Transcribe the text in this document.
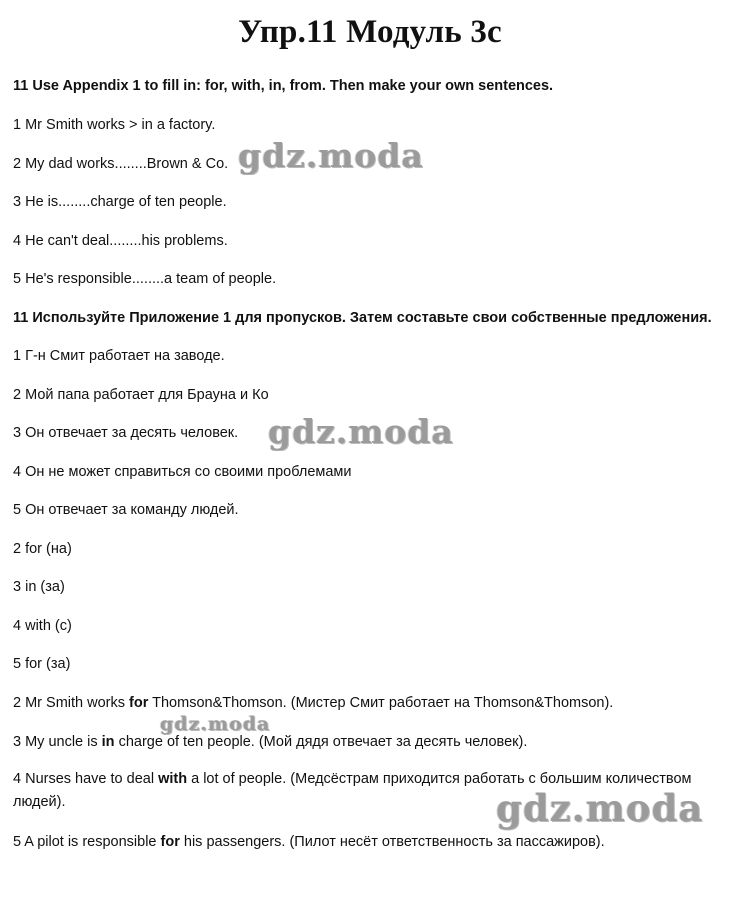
Упр.11 Модуль 3с
11 Use Appendix 1 to fill in: for, with, in, from. Then make your own sentences.
1 Mr Smith works > in a factory.
2 My dad works........Brown & Co.
3 He is........charge of ten people.
4 He can't deal........his problems.
5 He's responsible........a team of people.
11 Используйте Приложение 1 для пропусков. Затем составьте свои собственные предложения.
1 Г-н Смит работает на заводе.
2 Мой папа работает для Брауна и Ко
3 Он отвечает за десять человек.
4 Он не может справиться со своими проблемами
5 Он отвечает за команду людей.
2 for (на)
3 in (за)
4 with (с)
5 for (за)
2 Mr Smith works for Thomson&Thomson. (Мистер Смит работает на Thomson&Thomson).
3 My uncle is in charge of ten people. (Мой дядя отвечает за десять человек).
4 Nurses have to deal with a lot of people. (Медсёстрам приходится работать с большим количеством людей).
5 A pilot is responsible for his passengers. (Пилот несёт ответственность за пассажиров).
gdz.moda
gdz.moda
gdz.moda
gdz.moda
